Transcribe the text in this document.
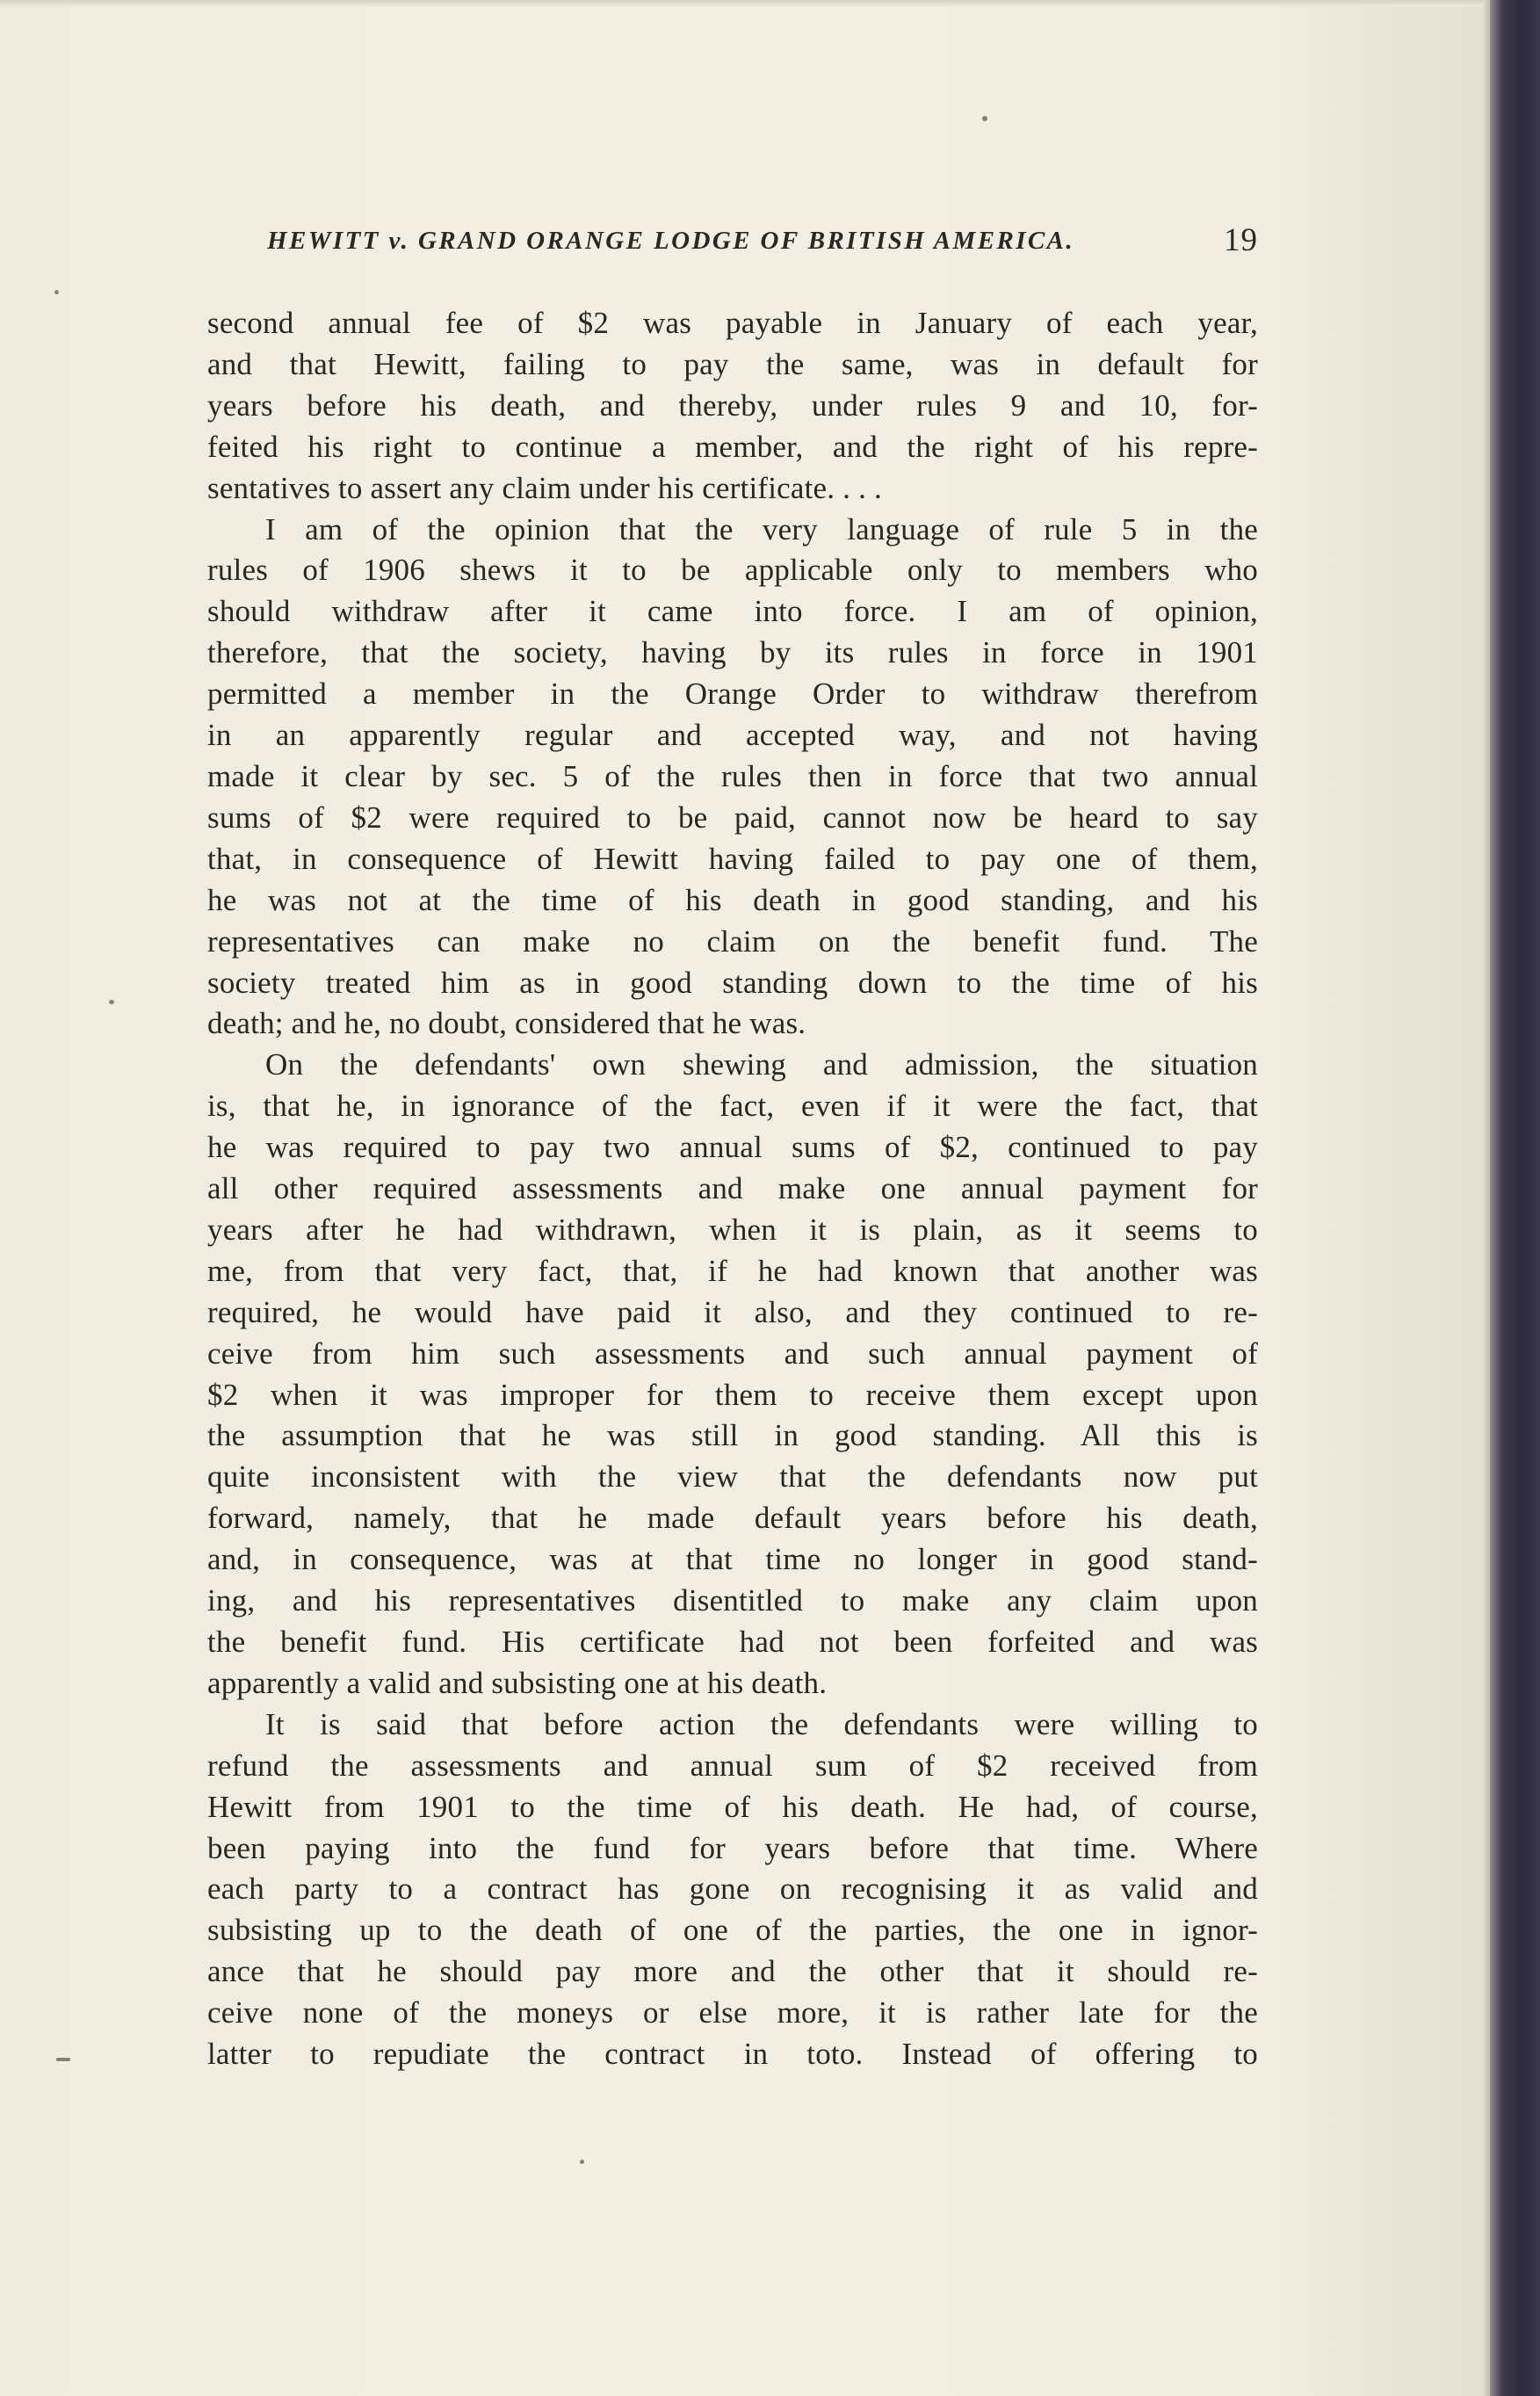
HEWITT v. GRAND ORANGE LODGE OF BRITISH AMERICA.	19
second annual fee of $2 was payable in January of each year,
and that Hewitt, failing to pay the same, was in default for
years before his death, and thereby, under rules 9 and 10, for-
feited his right to continue a member, and the right of his repre-
sentatives to assert any claim under his certificate. . . .
I am of the opinion that the very language of rule 5 in the
rules of 1906 shews it to be applicable only to members who
should withdraw after it came into force. I am of opinion,
therefore, that the society, having by its rules in force in 1901
permitted a member in the Orange Order to withdraw therefrom
in an apparently regular and accepted way, and not having
made it clear by sec. 5 of the rules then in force that two annual
sums of $2 were required to be paid, cannot now be heard to say
that, in consequence of Hewitt having failed to pay one of them,
he was not at the time of his death in good standing, and his
representatives can make no claim on the benefit fund. The
society treated him as in good standing down to the time of his
death; and he, no doubt, considered that he was.
On the defendants' own shewing and admission, the situation
is, that he, in ignorance of the fact, even if it were the fact, that
he was required to pay two annual sums of $2, continued to pay
all other required assessments and make one annual payment for
years after he had withdrawn, when it is plain, as it seems to
me, from that very fact, that, if he had known that another was
required, he would have paid it also, and they continued to re-
ceive from him such assessments and such annual payment of
$2 when it was improper for them to receive them except upon
the assumption that he was still in good standing. All this is
quite inconsistent with the view that the defendants now put
forward, namely, that he made default years before his death,
and, in consequence, was at that time no longer in good stand-
ing, and his representatives disentitled to make any claim upon
the benefit fund. His certificate had not been forfeited and was
apparently a valid and subsisting one at his death.
It is said that before action the defendants were willing to
refund the assessments and annual sum of $2 received from
Hewitt from 1901 to the time of his death. He had, of course,
been paying into the fund for years before that time. Where
each party to a contract has gone on recognising it as valid and
subsisting up to the death of one of the parties, the one in ignor-
ance that he should pay more and the other that it should re-
ceive none of the moneys or else more, it is rather late for the
latter to repudiate the contract in toto. Instead of offering to
